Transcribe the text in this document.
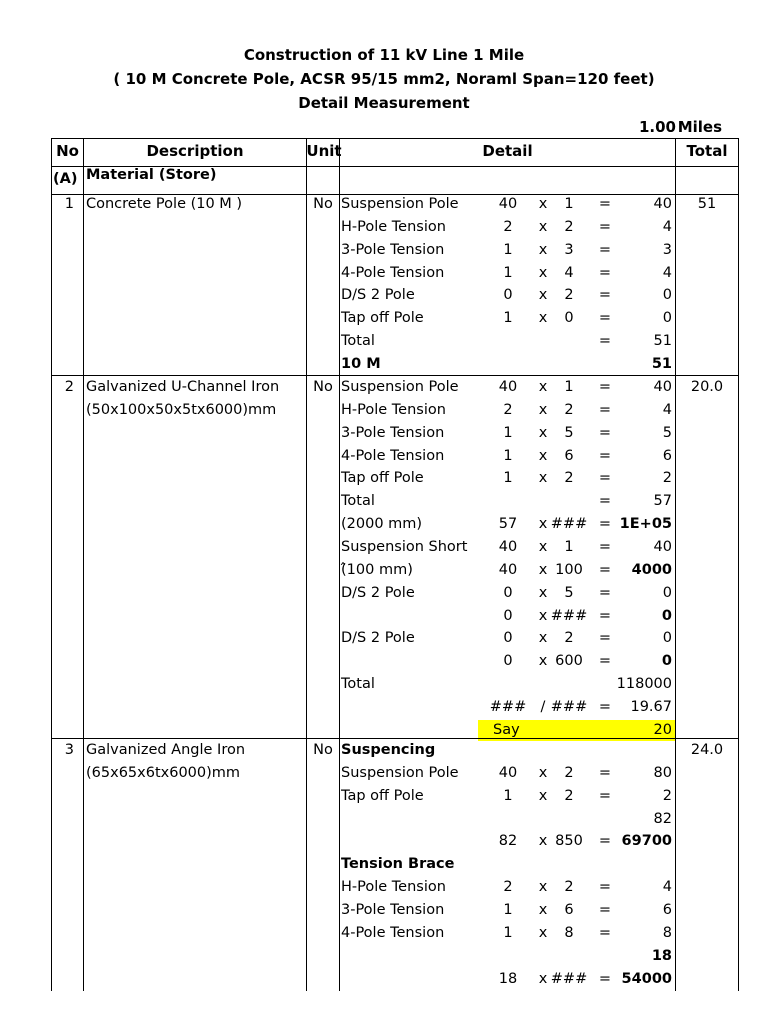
Construction of 11 kV Line 1 Mile
( 10 M Concrete Pole, ACSR 95/15 mm2, Noraml Span=120 feet)
Detail Measurement
1.00 Miles
No	Description	Unit	Detail	Total
(A) Material (Store)
1 Concrete Pole (10 M )	No	51
Suspension Pole	40	x	1	=	40
H-Pole Tension	2	x	2	=	4
3-Pole Tension	1	x	3	=	3
4-Pole Tension	1	x	4	=	4
D/S 2 Pole	0	x	2	=	0
Tap off Pole	1	x	0	=	0
Total	=	51
10 M	51
2 Galvanized U-Channel Iron
(50x100x50x5tx6000)mm
No	20.0
Suspension Pole	40	x	1	=	40
H-Pole Tension	2	x	2	=	4
3-Pole Tension	1	x	5	=	5
4-Pole Tension	1	x	6	=	6
Tap off Pole	1	x	2	=	2
Total	=	57
(2000 mm)	57	x ### = 1E+05
Suspension Short	40	x	1	=	40
(̂100 mm)	40	x 100	=	4000
D/S 2 Pole	0	x	5	=	0
0	x ### =	0
D/S 2 Pole	0	x	2	=	0
0	x 600	=	0
Total	118000
### / ### =	19.67
Say	20
3 Galvanized Angle Iron
(65x65x6tx6000)mm
No	24.0
Suspencing
Suspension Pole	40	x	2	=	80
Tap off Pole	1	x	2	=	2
82
82	x 850	= 69700
Tension Brace
H-Pole Tension	2	x	2	=	4
3-Pole Tension	1	x	6	=	6
4-Pole Tension	1	x	8	=	8
18
18	x ### = 54000
